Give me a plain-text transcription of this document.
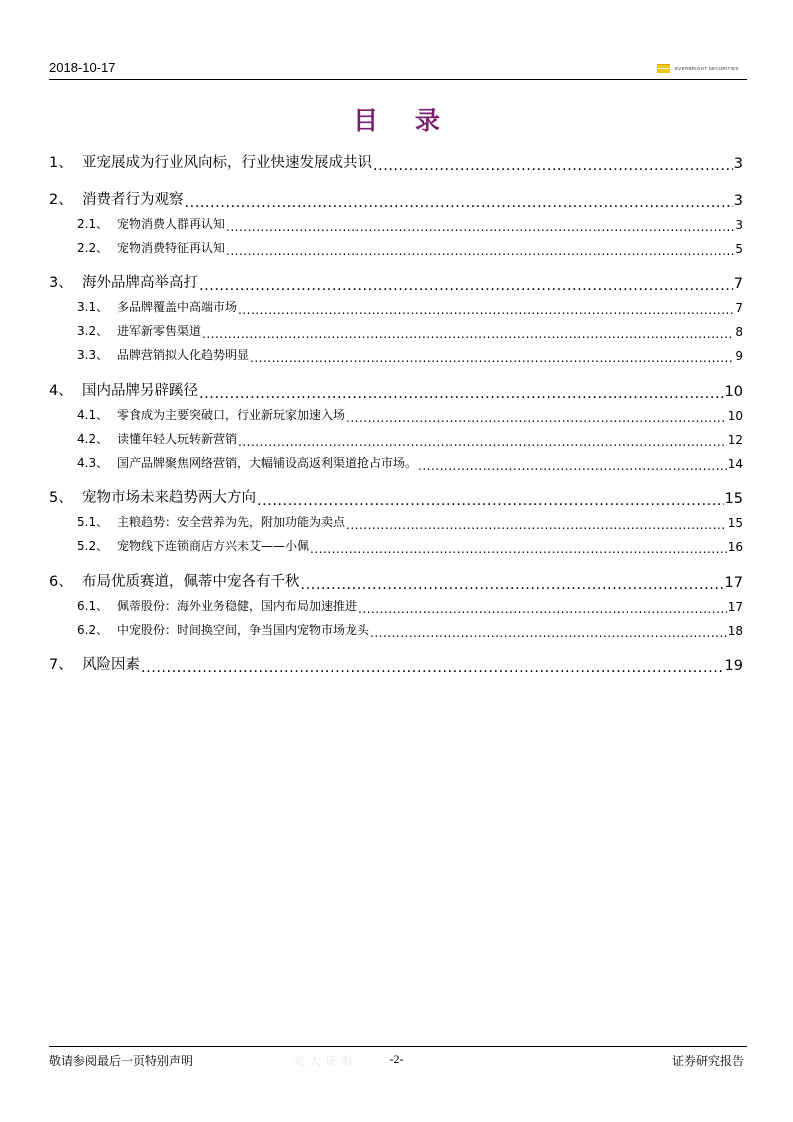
2018-10-17	EVERBRIGHT SECURITIES
目 录
1、 亚宠展成为行业风向标，行业快速发展成共识 .....	3
2、 消费者行为观察 .....	3
2.1、 宠物消费人群再认知 .....	3
2.2、 宠物消费特征再认知 .....	5
3、 海外品牌高举高打 .....	7
3.1、 多品牌覆盖中高端市场 .....	7
3.2、 进军新零售渠道 .....	8
3.3、 品牌营销拟人化趋势明显 .....	9
4、 国内品牌另辟蹊径 .....	10
4.1、 零食成为主要突破口，行业新玩家加速入场 .....	10
4.2、 读懂年轻人玩转新营销 .....	12
4.3、 国产品牌聚焦网络营销，大幅铺设高返利渠道抢占市场。 .....	14
5、 宠物市场未来趋势两大方向 .....	15
5.1、 主粮趋势：安全营养为先，附加功能为卖点 .....	15
5.2、 宠物线下连锁商店方兴未艾——小佩 .....	16
6、 布局优质赛道，佩蒂中宠各有千秋 .....	17
6.1、 佩蒂股份：海外业务稳健，国内布局加速推进 .....	17
6.2、 中宠股份：时间换空间，争当国内宠物市场龙头 .....	18
7、 风险因素 .....	19
敬请参阅最后一页特别声明	光大证券	-2-	证券研究报告
